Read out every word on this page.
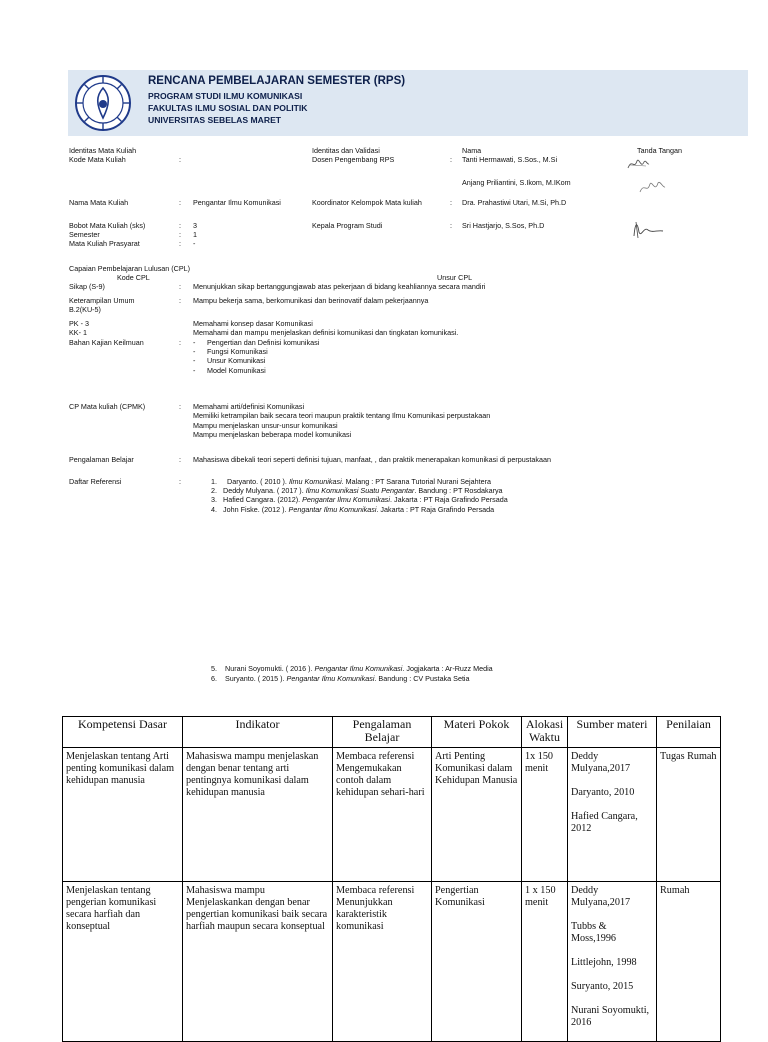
RENCANA PEMBELAJARAN SEMESTER (RPS)
PROGRAM STUDI ILMU KOMUNIKASI
FAKULTAS ILMU SOSIAL DAN POLITIK
UNIVERSITAS SEBELAS MARET
Identitas Mata Kuliah	Identitas dan Validasi	Nama	Tanda Tangan
Kode Mata Kuliah	:	Dosen Pengembang RPS	: Tanti Hermawati, S.Sos., M.Si
Anjang Priliantini, S.Ikom, M.IKom
Nama Mata Kuliah	: Pengantar Ilmu Komunikasi	Koordinator Kelompok Mata kuliah	: Dra. Prahastiwi Utari, M.Si, Ph.D
Bobot Mata Kuliah (sks)	: 3	Kepala Program Studi	: Sri Hastjarjo, S.Sos, Ph.D
Semester	: 1
Mata Kuliah Prasyarat	: -
Capaian Pembelajaran Lulusan (CPL)
Kode CPL	Unsur CPL
Sikap (S-9)	: Menunjukkan sikap bertanggungjawab atas pekerjaan di bidang keahliannya secara mandiri
Keterampilan Umum	: Mampu bekerja sama, berkomunikasi dan berinovatif dalam pekerjaannya
B.2(KU-5)
PK - 3	Memahami konsep dasar Komunikasi
KK- 1	Memahami dan mampu menjelaskan definisi komunikasi dan tingkatan komunikasi.
Bahan Kajian Keilmuan	: - Pengertian dan Definisi komunikasi
- Fungsi Komunikasi
- Unsur Komunikasi
- Model Komunikasi
CP Mata kuliah (CPMK)	: Memahami arti/definisi Komunikasi
Memiliki ketrampilan baik secara teori maupun praktik tentang Ilmu Komunikasi perpustakaan
Mampu menjelaskan unsur-unsur komunikasi
Mampu menjelaskan beberapa model komunikasi
Pengalaman Belajar	: Mahasiswa dibekali teori seperti definisi tujuan, manfaat, , dan praktik menerapakan komunikasi di perpustakaan
Daftar Referensi	:	1. Daryanto. ( 2010 ). Ilmu Komunikasi. Malang : PT Sarana Tutorial Nurani Sejahtera
2. Deddy Mulyana. ( 2017 ). Ilmu Komunikasi Suatu Pengantar. Bandung : PT Rosdakarya
3. Hafied Cangara. (2012). Pengantar Ilmu Komunikasi. Jakarta : PT Raja Grafindo Persada
4. John Fiske. (2012 ). Pengantar Ilmu Komunikasi. Jakarta : PT Raja Grafindo Persada
5. Nurani Soyomukti. ( 2016 ). Pengantar Ilmu Komunikasi. Jogjakarta : Ar-Ruzz Media
6. Suryanto. ( 2015 ). Pengantar Ilmu Komunikasi. Bandung : CV Pustaka Setia
Kompetensi Dasar	Indikator	Pengalaman Belajar	Materi Pokok	Alokasi Waktu	Sumber materi	Penilaian
Menjelaskan tentang Arti penting komunikasi dalam kehidupan manusia	Mahasiswa mampu menjelaskan dengan benar tentang arti pentingnya komunikasi dalam kehidupan manusia	Membaca referensi Mengemukakan contoh dalam kehidupan sehari-hari	Arti Penting Komunikasi dalam Kehidupan Manusia	1x 150 menit	Deddy Mulyana,2017
Daryanto, 2010
Hafied Cangara, 2012	Tugas Rumah
Menjelaskan tentang pengerian komunikasi secara harfiah dan konseptual	Mahasiswa mampu Menjelaskankan dengan benar pengertian komunikasi baik secara harfiah maupun secara konseptual	Membaca referensi Menunjukkan karakteristik komunikasi	Pengertian Komunikasi	1 x 150 menit	Deddy Mulyana,2017
Tubbs & Moss,1996
Littlejohn, 1998
Suryanto, 2015
Nurani Soyomukti, 2016	Rumah
